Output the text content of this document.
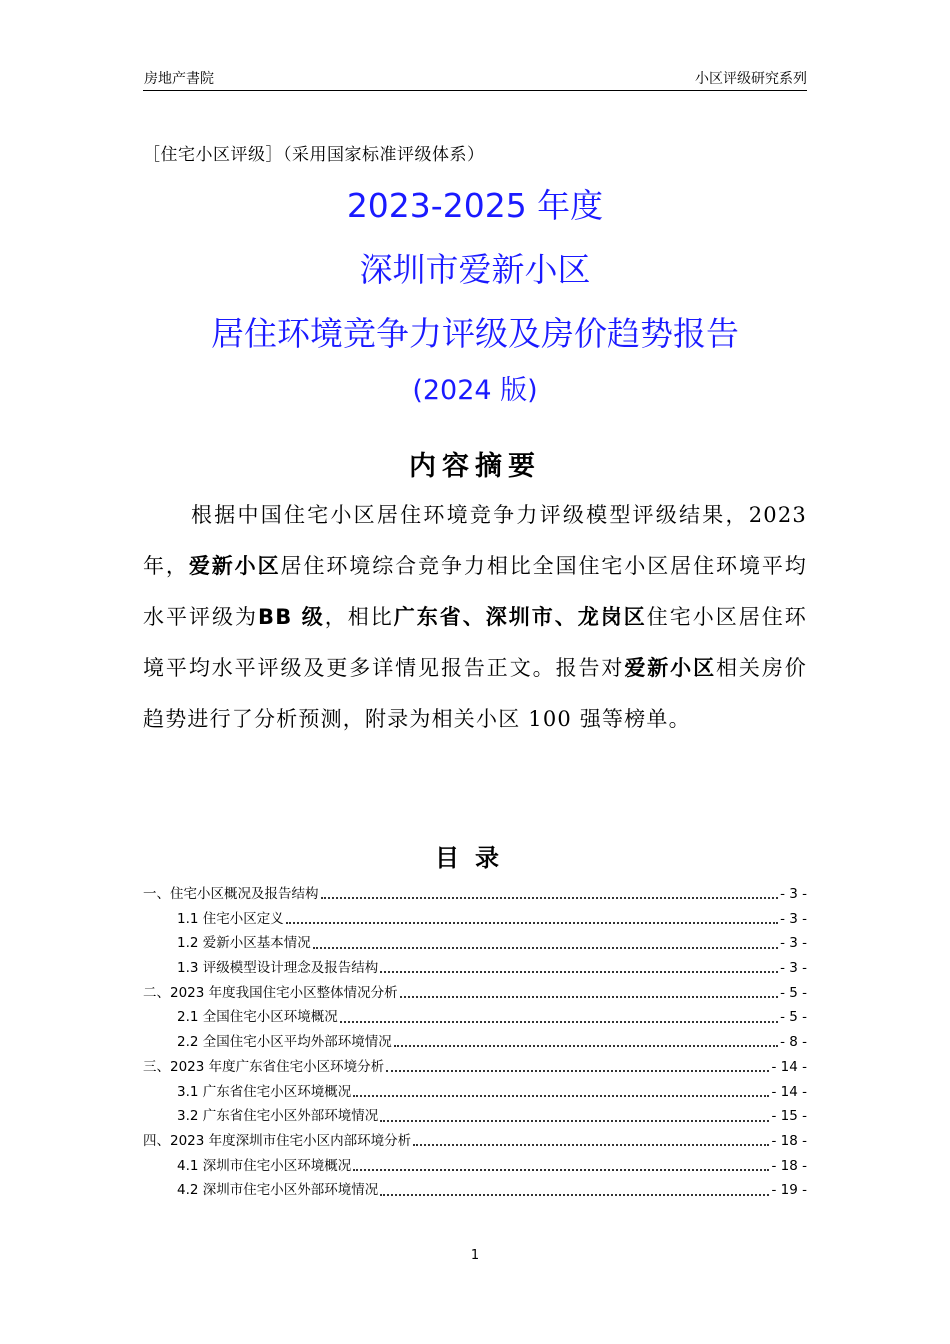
房地产書院	小区评级研究系列
［住宅小区评级］（采用国家标准评级体系）
2023-2025 年度
深圳市爱新小区
居住环境竞争力评级及房价趋势报告
(2024 版)
内容摘要
根据中国住宅小区居住环境竞争力评级模型评级结果，2023 年，爱新小区居住环境综合竞争力相比全国住宅小区居住环境平均水平评级为BB 级，相比广东省、深圳市、龙岗区住宅小区居住环境平均水平评级及更多详情见报告正文。报告对爱新小区相关房价趋势进行了分析预测，附录为相关小区 100 强等榜单。
目录
一、住宅小区概况及报告结构	- 3 -
1.1 住宅小区定义	- 3 -
1.2 爱新小区基本情况	- 3 -
1.3 评级模型设计理念及报告结构	- 3 -
二、2023 年度我国住宅小区整体情况分析	- 5 -
2.1 全国住宅小区环境概况	- 5 -
2.2 全国住宅小区平均外部环境情况	- 8 -
三、2023 年度广东省住宅小区环境分析	- 14 -
3.1 广东省住宅小区环境概况	- 14 -
3.2 广东省住宅小区外部环境情况	- 15 -
四、2023 年度深圳市住宅小区内部环境分析	- 18 -
4.1 深圳市住宅小区环境概况	- 18 -
4.2 深圳市住宅小区外部环境情况	- 19 -
1
